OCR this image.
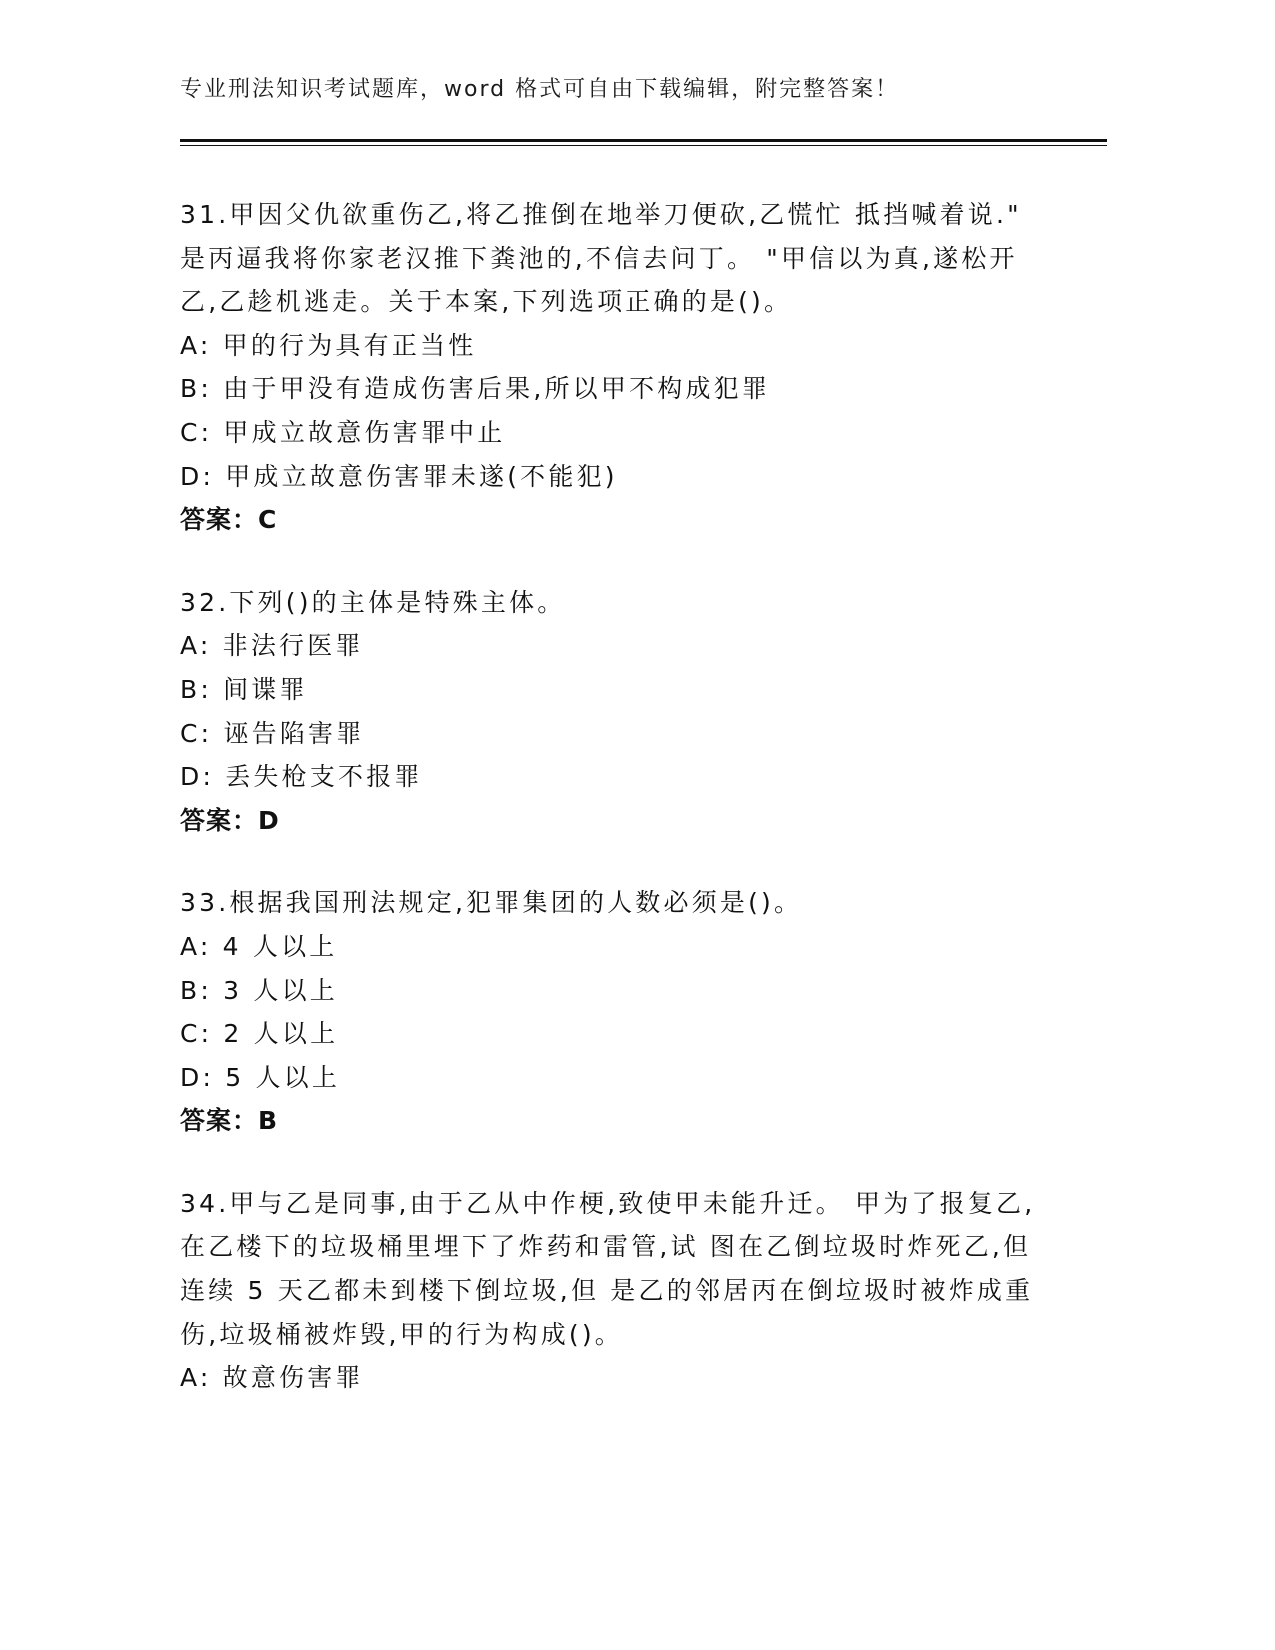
专业刑法知识考试题库，word 格式可自由下载编辑，附完整答案！
31.甲因父仇欲重伤乙,将乙推倒在地举刀便砍,乙慌忙 抵挡喊着说."
是丙逼我将你家老汉推下粪池的,不信去问丁。 "甲信以为真,遂松开
乙,乙趁机逃走。关于本案,下列选项正确的是()。
A: 甲的行为具有正当性
B: 由于甲没有造成伤害后果,所以甲不构成犯罪
C: 甲成立故意伤害罪中止
D: 甲成立故意伤害罪未遂(不能犯)
答案：C
32.下列()的主体是特殊主体。
A: 非法行医罪
B: 间谍罪
C: 诬告陷害罪
D: 丢失枪支不报罪
答案：D
33.根据我国刑法规定,犯罪集团的人数必须是()。
A: 4 人以上
B: 3 人以上
C: 2 人以上
D: 5 人以上
答案：B
34.甲与乙是同事,由于乙从中作梗,致使甲未能升迁。 甲为了报复乙,
在乙楼下的垃圾桶里埋下了炸药和雷管,试 图在乙倒垃圾时炸死乙,但
连续 5 天乙都未到楼下倒垃圾,但 是乙的邻居丙在倒垃圾时被炸成重
伤,垃圾桶被炸毁,甲的行为构成()。
A: 故意伤害罪
